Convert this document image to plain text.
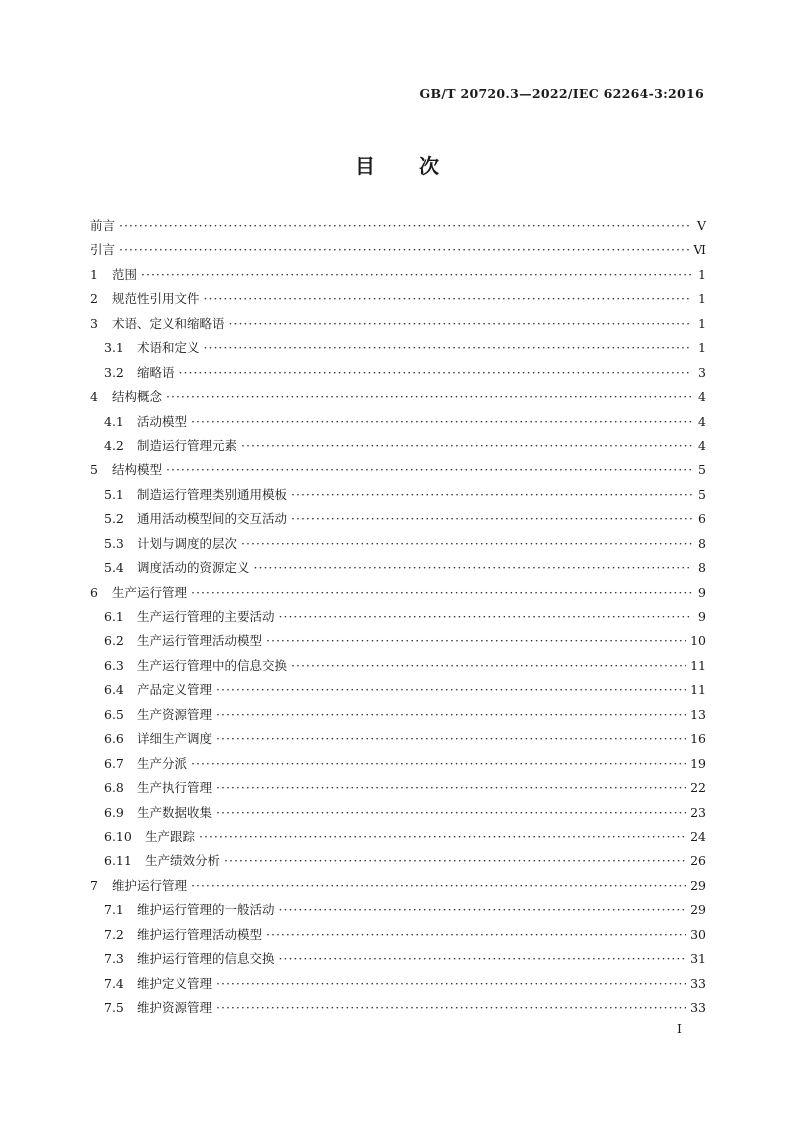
GB/T 20720.3—2022/IEC 62264-3:2016
目 次
前言 ·····	Ⅴ
引言 ·····	Ⅵ
1	范围 ·····	1
2	规范性引用文件 ·····	1
3	术语、定义和缩略语 ·····	1
3.1 术语和定义 ·····	1
3.2 缩略语 ·····	3
4	结构概念 ·····	4
4.1 活动模型 ·····	4
4.2 制造运行管理元素 ·····	4
5	结构模型 ·····	5
5.1 制造运行管理类别通用模板 ·····	5
5.2 通用活动模型间的交互活动 ·····	6
5.3 计划与调度的层次 ·····	8
5.4 调度活动的资源定义 ·····	8
6	生产运行管理 ·····	9
6.1 生产运行管理的主要活动 ·····	9
6.2 生产运行管理活动模型 ·····	10
6.3 生产运行管理中的信息交换 ·····	11
6.4 产品定义管理 ·····	11
6.5 生产资源管理 ·····	13
6.6 详细生产调度 ·····	16
6.7 生产分派 ·····	19
6.8 生产执行管理 ·····	22
6.9 生产数据收集 ·····	23
6.10 生产跟踪 ·····	24
6.11 生产绩效分析 ·····	26
7	维护运行管理 ·····	29
7.1 维护运行管理的一般活动 ·····	29
7.2 维护运行管理活动模型 ·····	30
7.3 维护运行管理的信息交换 ·····	31
7.4 维护定义管理 ·····	33
7.5 维护资源管理 ·····	33
I
